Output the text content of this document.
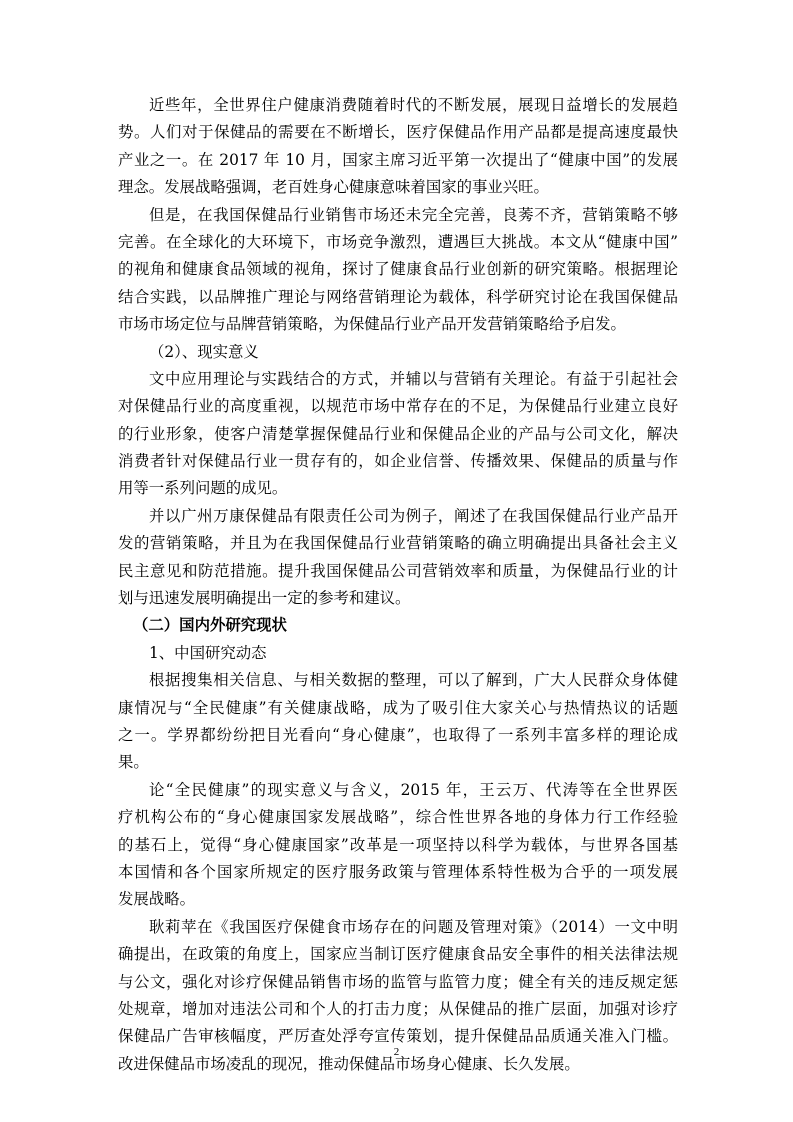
近些年，全世界住户健康消费随着时代的不断发展，展现日益增长的发展趋
势。人们对于保健品的需要在不断增长，医疗保健品作用产品都是提高速度最快
产业之一。在 2017 年 10 月，国家主席习近平第一次提出了“健康中国”的发展
理念。发展战略强调，老百姓身心健康意味着国家的事业兴旺。
但是，在我国保健品行业销售市场还未完全完善，良莠不齐，营销策略不够
完善。在全球化的大环境下，市场竞争激烈，遭遇巨大挑战。本文从“健康中国”
的视角和健康食品领域的视角，探讨了健康食品行业创新的研究策略。根据理论
结合实践，以品牌推广理论与网络营销理论为载体，科学研究讨论在我国保健品
市场市场定位与品牌营销策略，为保健品行业产品开发营销策略给予启发。
（2）、现实意义
文中应用理论与实践结合的方式，并辅以与营销有关理论。有益于引起社会
对保健品行业的高度重视，以规范市场中常存在的不足，为保健品行业建立良好
的行业形象，使客户清楚掌握保健品行业和保健品企业的产品与公司文化，解决
消费者针对保健品行业一贯存有的，如企业信誉、传播效果、保健品的质量与作
用等一系列问题的成见。
并以广州万康保健品有限责任公司为例子，阐述了在我国保健品行业产品开
发的营销策略，并且为在我国保健品行业营销策略的确立明确提出具备社会主义
民主意见和防范措施。提升我国保健品公司营销效率和质量，为保健品行业的计
划与迅速发展明确提出一定的参考和建议。
（二）国内外研究现状
1、中国研究动态
根据搜集相关信息、与相关数据的整理，可以了解到，广大人民群众身体健
康情况与“全民健康”有关健康战略，成为了吸引住大家关心与热情热议的话题
之一。学界都纷纷把目光看向“身心健康”，也取得了一系列丰富多样的理论成
果。
论“全民健康”的现实意义与含义，2015 年，王云万、代涛等在全世界医
疗机构公布的“身心健康国家发展战略”，综合性世界各地的身体力行工作经验
的基石上，觉得“身心健康国家”改革是一项坚持以科学为载体，与世界各国基
本国情和各个国家所规定的医疗服务政策与管理体系特性极为合乎的一项发展
发展战略。
耿莉苹在《我国医疗保健食市场存在的问题及管理对策》（2014）一文中明
确提出，在政策的角度上，国家应当制订医疗健康食品安全事件的相关法律法规
与公文，强化对诊疗保健品销售市场的监管与监管力度；健全有关的违反规定惩
处规章，增加对违法公司和个人的打击力度；从保健品的推广层面，加强对诊疗
保健品广告审核幅度，严厉查处浮夸宣传策划，提升保健品品质通关准入门槛。
改进保健品市场凌乱的现况，推动保健品市场身心健康、长久发展。
2
